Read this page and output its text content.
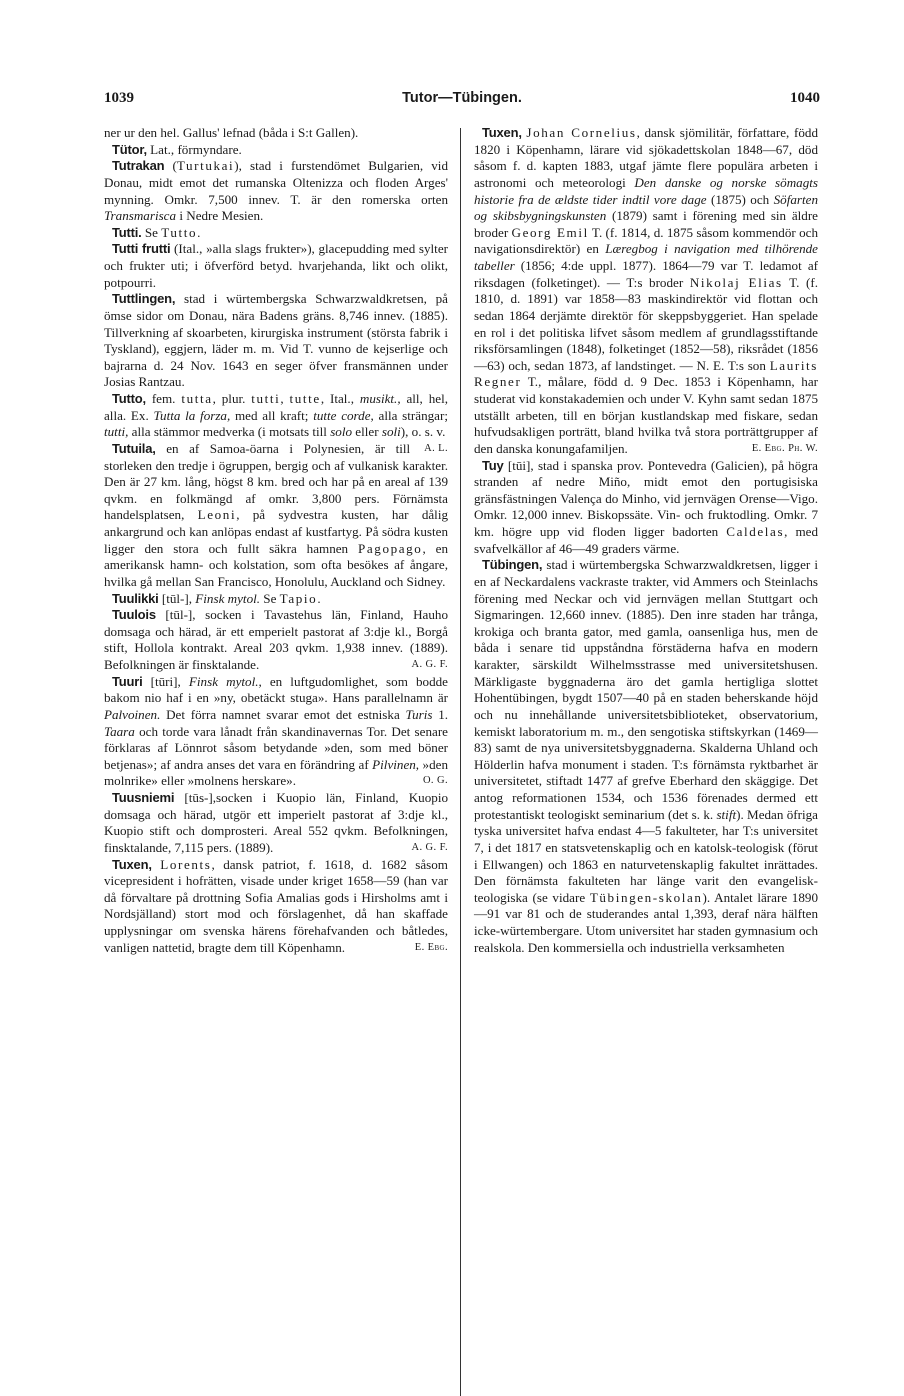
1039	Tutor—Tübingen.	1040

ner ur den hel. Gallus' lefnad (båda i S:t Gallen).

Tütor, Lat., förmyndare.

Tutrakan (Turtukai), stad i furstendömet Bulgarien, vid Donau, midt emot det rumanska Oltenizza och floden Arges' mynning. Omkr. 7,500 innev. T. är den romerska orten Transmarisca i Nedre Mesien.

Tutti. Se Tutto.

Tutti frutti (Ital., »alla slags frukter»), glacepudding med sylter och frukter uti; i öfverförd betyd. hvarjehanda, likt och olikt, potpourri.

Tuttlingen, stad i würtembergska Schwarzwaldkretsen, på ömse sidor om Donau, nära Badens gräns. 8,746 innev. (1885). Tillverkning af skoarbeten, kirurgiska instrument (största fabrik i Tyskland), eggjern, läder m. m. Vid T. vunno de kejserlige och bajrarna d. 24 Nov. 1643 en seger öfver fransmännen under Josias Rantzau.

Tutto, fem. tutta, plur. tutti, tutte, Ital., musikt., all, hel, alla. Ex. Tutta la forza, med all kraft; tutte corde, alla strängar; tutti, alla stämmor medverka (i motsats till solo eller soli), o. s. v.
A. L.

Tutuila, en af Samoa-öarna i Polynesien, är till storleken den tredje i ögruppen, bergig och af vulkanisk karakter. Den är 27 km. lång, högst 8 km. bred och har på en areal af 139 qvkm. en folkmängd af omkr. 3,800 pers. Förnämsta handelsplatsen, Leoni, på sydvestra kusten, har dålig ankargrund och kan anlöpas endast af kustfartyg. På södra kusten ligger den stora och fullt säkra hamnen Pagopago, en amerikansk hamn- och kolstation, som ofta besökes af ångare, hvilka gå mellan San Francisco, Honolulu, Auckland och Sidney.

Tuulikki [tūl-], Finsk mytol. Se Tapio.

Tuulois [tūl-], socken i Tavastehus län, Finland, Hauho domsaga och härad, är ett emperielt pastorat af 3:dje kl., Borgå stift, Hollola kontrakt. Areal 203 qvkm. 1,938 innev. (1889). Befolkningen är finsktalande.	A. G. F.

Tuuri [tūri], Finsk mytol., en luftgudomlighet, som bodde bakom nio haf i en »ny, obetäckt stuga». Hans parallelnamn är Palvoinen. Det förra namnet svarar emot det estniska Turis 1. Taara och torde vara lånadt från skandinavernas Tor. Det senare förklaras af Lönnrot såsom betydande »den, som med böner betjenas»; af andra anses det vara en förändring af Pilvinen, »den molnrike» eller »molnens herskare».	O. G.

Tuusniemi [tūs-],socken i Kuopio län, Finland, Kuopio domsaga och härad, utgör ett imperielt pastorat af 3:dje kl., Kuopio stift och domprosteri. Areal 552 qvkm. Befolkningen, finsktalande, 7,115 pers. (1889).	A. G. F.

Tuxen, Lorents, dansk patriot, f. 1618, d. 1682 såsom vicepresident i hofrätten, visade under kriget 1658—59 (han var då förvaltare på drottning Sofia Amalias gods i Hirsholms amt i Nordsjälland) stort mod och förslagenhet, då han skaffade upplysningar om svenska härens förehafvanden och båtledes, vanligen nattetid, bragte dem till Köpenhamn.	E. Ebg.

Tuxen, Johan Cornelius, dansk sjömilitär, författare, född 1820 i Köpenhamn, lärare vid sjökadettskolan 1848—67, död såsom f. d. kapten 1883, utgaf jämte flere populära arbeten i astronomi och meteorologi Den danske og norske sömagts historie fra de ældste tider indtil vore dage (1875) och Söfarten og skibsbygningskunsten (1879) samt i förening med sin äldre broder Georg Emil T. (f. 1814, d. 1875 såsom kommendör och navigationsdirektör) en Læregbog i navigation med tilhörende tabeller (1856; 4:de uppl. 1877). 1864—79 var T. ledamot af riksdagen (folketinget). — T:s broder Nikolaj Elias T. (f. 1810, d. 1891) var 1858—83 maskindirektör vid flottan och sedan 1864 derjämte direktör för skeppsbyggeriet. Han spelade en rol i det politiska lifvet såsom medlem af grundlagsstiftande riksförsamlingen (1848), folketinget (1852—58), riksrådet (1856—63) och, sedan 1873, af landstinget. — N. E. T:s son Laurits Regner T., målare, född d. 9 Dec. 1853 i Köpenhamn, har studerat vid konstakademien och under V. Kyhn samt sedan 1875 utställt arbeten, till en början kustlandskap med fiskare, sedan hufvudsakligen porträtt, bland hvilka två stora porträttgrupper af den danska konungafamiljen.	E. Ebg. Ph. W.

Tuy [tūi], stad i spanska prov. Pontevedra (Galicien), på högra stranden af nedre Miño, midt emot den portugisiska gränsfästningen Valença do Minho, vid jernvägen Orense—Vigo. Omkr. 12,000 innev. Biskopssäte. Vin- och fruktodling. Omkr. 7 km. högre upp vid floden ligger badorten Caldelas, med svafvelkällor af 46—49 graders värme.

Tübingen, stad i würtembergska Schwarzwaldkretsen, ligger i en af Neckardalens vackraste trakter, vid Ammers och Steinlachs förening med Neckar och vid jernvägen mellan Stuttgart och Sigmaringen. 12,660 innev. (1885). Den inre staden har trånga, krokiga och branta gator, med gamla, oansenliga hus, men de båda i senare tid uppståndna förstäderna hafva en modern karakter, särskildt Wilhelmsstrasse med universitetshusen. Märkligaste byggnaderna äro det gamla hertigliga slottet Hohentübingen, bygdt 1507—40 på en staden beherskande höjd och nu innehållande universitetsbiblioteket, observatorium, kemiskt laboratorium m. m., den sengotiska stiftskyrkan (1469—83) samt de nya universitetsbyggnaderna. Skalderna Uhland och Hölderlin hafva monument i staden. T:s förnämsta ryktbarhet är universitetet, stiftadt 1477 af grefve Eberhard den skäggige. Det antog reformationen 1534, och 1536 förenades dermed ett protestantiskt teologiskt seminarium (det s. k. stift). Medan öfriga tyska universitet hafva endast 4—5 fakulteter, har T:s universitet 7, i det 1817 en statsvetenskaplig och en katolsk-teologisk (förut i Ellwangen) och 1863 en naturvetenskaplig fakultet inrättades. Den förnämsta fakulteten har länge varit den evangelisk-teologiska (se vidare Tübingen-skolan). Antalet lärare 1890—91 var 81 och de studerandes antal 1,393, deraf nära hälften icke-würtembergare. Utom universitet har staden gymnasium och realskola. Den kommersiella och industriella verksamheten
